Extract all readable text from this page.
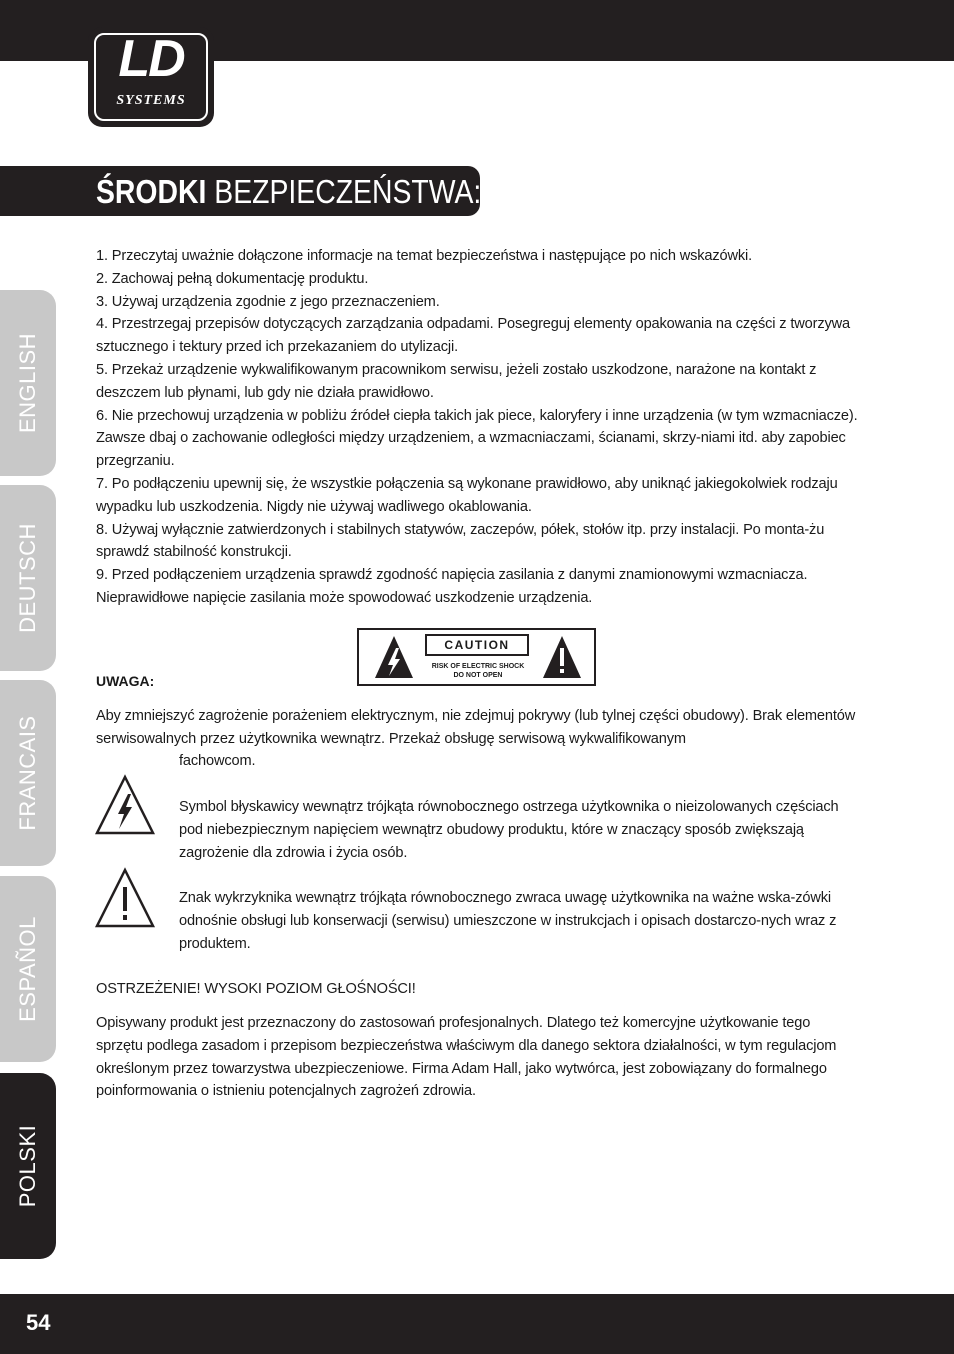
LD
SYSTEMS
ŚRODKI BEZPIECZEŃSTWA:
ENGLISH
DEUTSCH
FRANCAIS
ESPAÑOL
POLSKI

1. Przeczytaj uważnie dołączone informacje na temat bezpieczeństwa i następujące po nich wskazówki.

2. Zachowaj pełną dokumentację produktu.

3. Używaj urządzenia zgodnie z jego przeznaczeniem.

4. Przestrzegaj przepisów dotyczących zarządzania odpadami. Posegreguj elementy opakowania na części z tworzywa sztucznego i tektury przed ich przekazaniem do utylizacji.

5. Przekaż urządzenie wykwalifikowanym pracownikom serwisu, jeżeli zostało uszkodzone, narażone na kontakt z deszczem lub płynami, lub gdy nie działa prawidłowo.

6. Nie przechowuj urządzenia w pobliżu źródeł ciepła takich jak piece, kaloryfery i inne urządzenia (w tym wzmacniacze). Zawsze dbaj o zachowanie odległości między urządzeniem, a wzmacniaczami, ścianami, skrzy-niami itd. aby zapobiec przegrzaniu.

7. Po podłączeniu upewnij się, że wszystkie połączenia są wykonane prawidłowo, aby uniknąć jakiegokolwiek rodzaju wypadku lub uszkodzenia. Nigdy nie używaj wadliwego okablowania.

8. Używaj wyłącznie zatwierdzonych i stabilnych statywów, zaczepów, półek, stołów itp. przy instalacji. Po monta-żu sprawdź stabilność konstrukcji.

9. Przed podłączeniem urządzenia sprawdź zgodność napięcia zasilania z danymi znamionowymi wzmacniacza. Nieprawidłowe napięcie zasilania może spowodować uszkodzenie urządzenia.

CAUTION
RISK OF ELECTRIC SHOCK
DO NOT OPEN
UWAGA:
Aby zmniejszyć zagrożenie porażeniem elektrycznym, nie zdejmuj pokrywy (lub tylnej części obudowy). Brak elementów serwisowalnych przez użytkownika wewnątrz. Przekaż obsługę serwisową wykwalifikowanym
fachowcom.
Symbol błyskawicy wewnątrz trójkąta równobocznego ostrzega użytkownika o nieizolowanych częściach pod niebezpiecznym napięciem wewnątrz obudowy produktu, które w znaczący sposób zwiększają zagrożenie dla zdrowia i życia osób.
Znak wykrzyknika wewnątrz trójkąta równobocznego zwraca uwagę użytkownika na ważne wska-zówki odnośnie obsługi lub konserwacji (serwisu) umieszczone w instrukcjach i opisach dostarczo-nych wraz z produktem.
OSTRZEŻENIE! WYSOKI POZIOM GŁOŚNOŚCI!
Opisywany produkt jest przeznaczony do zastosowań profesjonalnych. Dlatego też komercyjne użytkowanie tego sprzętu podlega zasadom i przepisom bezpieczeństwa właściwym dla danego sektora działalności, w tym regulacjom określonym przez towarzystwa ubezpieczeniowe. Firma Adam Hall, jako wytwórca, jest zobowiązany do formalnego poinformowania o istnieniu potencjalnych zagrożeń zdrowia.
54
